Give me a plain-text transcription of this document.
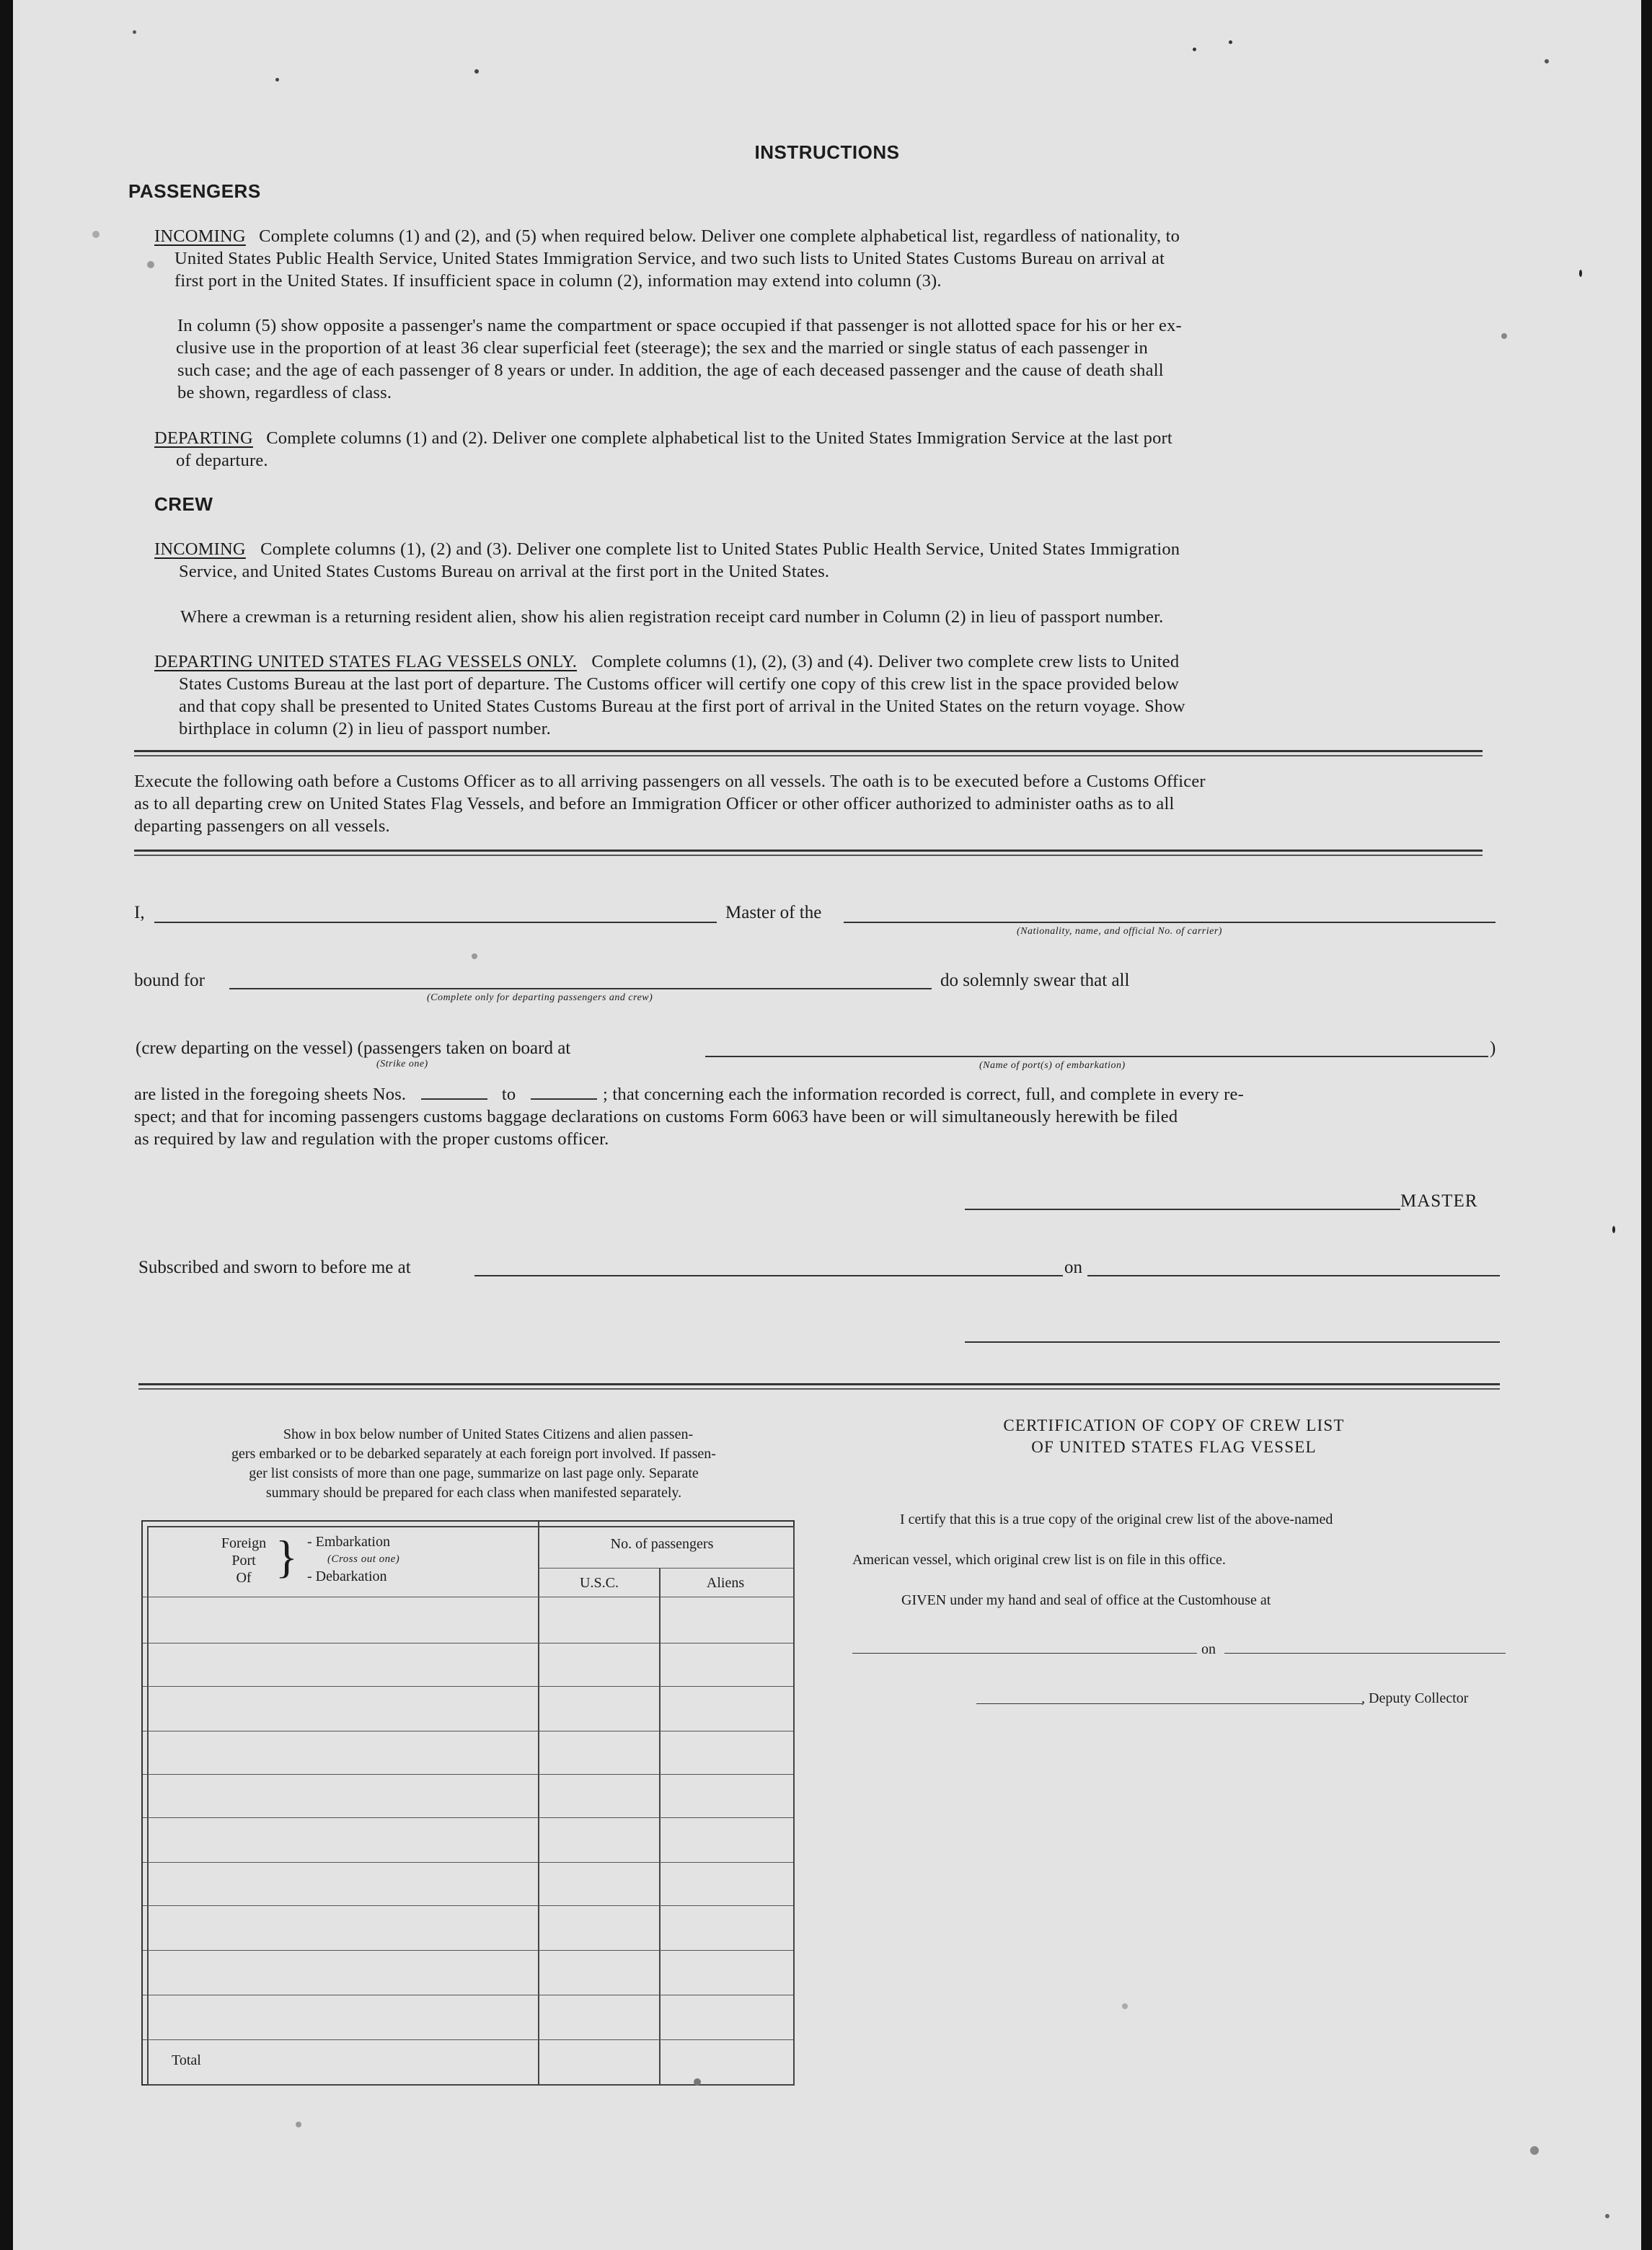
INSTRUCTIONS
PASSENGERS
INCOMING Complete columns (1) and (2), and (5) when required below. Deliver one complete alphabetical list, regardless of nationality, to
United States Public Health Service, United States Immigration Service, and two such lists to United States Customs Bureau on arrival at
first port in the United States. If insufficient space in column (2), information may extend into column (3).
In column (5) show opposite a passenger's name the compartment or space occupied if that passenger is not allotted space for his or her ex-
clusive use in the proportion of at least 36 clear superficial feet (steerage); the sex and the married or single status of each passenger in
such case; and the age of each passenger of 8 years or under. In addition, the age of each deceased passenger and the cause of death shall
be shown, regardless of class.
DEPARTING Complete columns (1) and (2). Deliver one complete alphabetical list to the United States Immigration Service at the last port
of departure.
CREW
INCOMING Complete columns (1), (2) and (3). Deliver one complete list to United States Public Health Service, United States Immigration
Service, and United States Customs Bureau on arrival at the first port in the United States.
Where a crewman is a returning resident alien, show his alien registration receipt card number in Column (2) in lieu of passport number.
DEPARTING UNITED STATES FLAG VESSELS ONLY. Complete columns (1), (2), (3) and (4). Deliver two complete crew lists to United
States Customs Bureau at the last port of departure. The Customs officer will certify one copy of this crew list in the space provided below
and that copy shall be presented to United States Customs Bureau at the first port of arrival in the United States on the return voyage. Show
birthplace in column (2) in lieu of passport number.
Execute the following oath before a Customs Officer as to all arriving passengers on all vessels. The oath is to be executed before a Customs Officer
as to all departing crew on United States Flag Vessels, and before an Immigration Officer or other officer authorized to administer oaths as to all
departing passengers on all vessels.
I,	Master of the
(Nationality, name, and official No. of carrier)
bound for
(Complete only for departing passengers and crew)
do solemnly swear that all
(crew departing on the vessel) (passengers taken on board at	)
(Strike one)	(Name of port(s) of embarkation)
are listed in the foregoing sheets Nos.	to	; that concerning each the information recorded is correct, full, and complete in every re-
spect; and that for incoming passengers customs baggage declarations on customs Form 6063 have been or will simultaneously herewith be filed
as required by law and regulation with the proper customs officer.
MASTER
Subscribed and sworn to before me at	on
Show in box below number of United States Citizens and alien passen-
gers embarked or to be debarked separately at each foreign port involved. If passen-
ger list consists of more than one page, summarize on last page only. Separate
summary should be prepared for each class when manifested separately.
Foreign
Port
Of } - Embarkation
(Cross out one)
- Debarkation
No. of passengers
U.S.C.	Aliens
Total
CERTIFICATION OF COPY OF CREW LIST
OF UNITED STATES FLAG VESSEL
I certify that this is a true copy of the original crew list of the above-named
American vessel, which original crew list is on file in this office.
GIVEN under my hand and seal of office at the Customhouse at
on
, Deputy Collector
